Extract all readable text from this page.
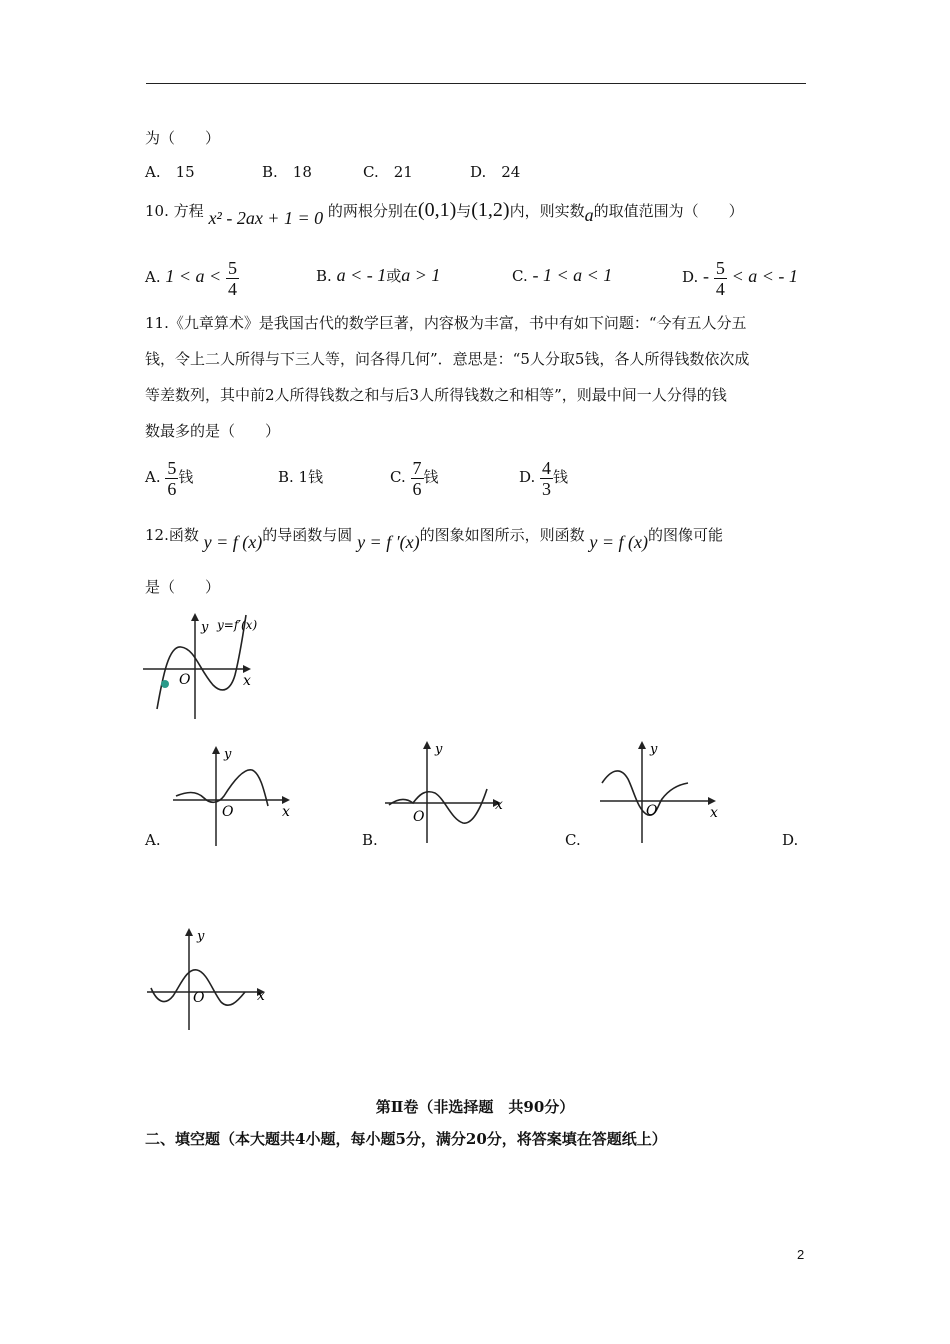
为（　　）
A.　15	B.　18	C.　21	D.　24
10. 方程 x² - 2ax + 1 = 0 的两根分别在(0,1)与(1,2)内，则实数a的取值范围为（　　）
A. $1 < a < \frac{5}{4}$	B. a < - 1或a > 1	C. - 1 < a < 1	D. - $\frac{5}{4} < a$ < - 1
11.《九章算术》是我国古代的数学巨著，内容极为丰富，书中有如下问题：“今有五人分五
钱，令上二人所得与下三人等，问各得几何”．意思是：“5人分取5钱，各人所得钱数依次成
等差数列，其中前2人所得钱数之和与后3人所得钱数之和相等”，则最中间一人分得的钱
数最多的是（　　）
A. $\frac{5}{6}$ 钱	B. 1钱	C. $\frac{7}{6}$ 钱	D. $\frac{4}{3}$ 钱
12.函数 y = f (x)的导函数与圆 y = f ′(x)的图象如图所示，则函数 y = f (x)的图像可能
是（　　）
y y=f′(x)
O	x
y
O	x
y
O
x
y
O	x
A.	B.	C.	D.
y
O	x
第Ⅱ卷（非选择题　共90分）
二、填空题（本大题共4小题，每小题5分，满分20分，将答案填在答题纸上）
2
